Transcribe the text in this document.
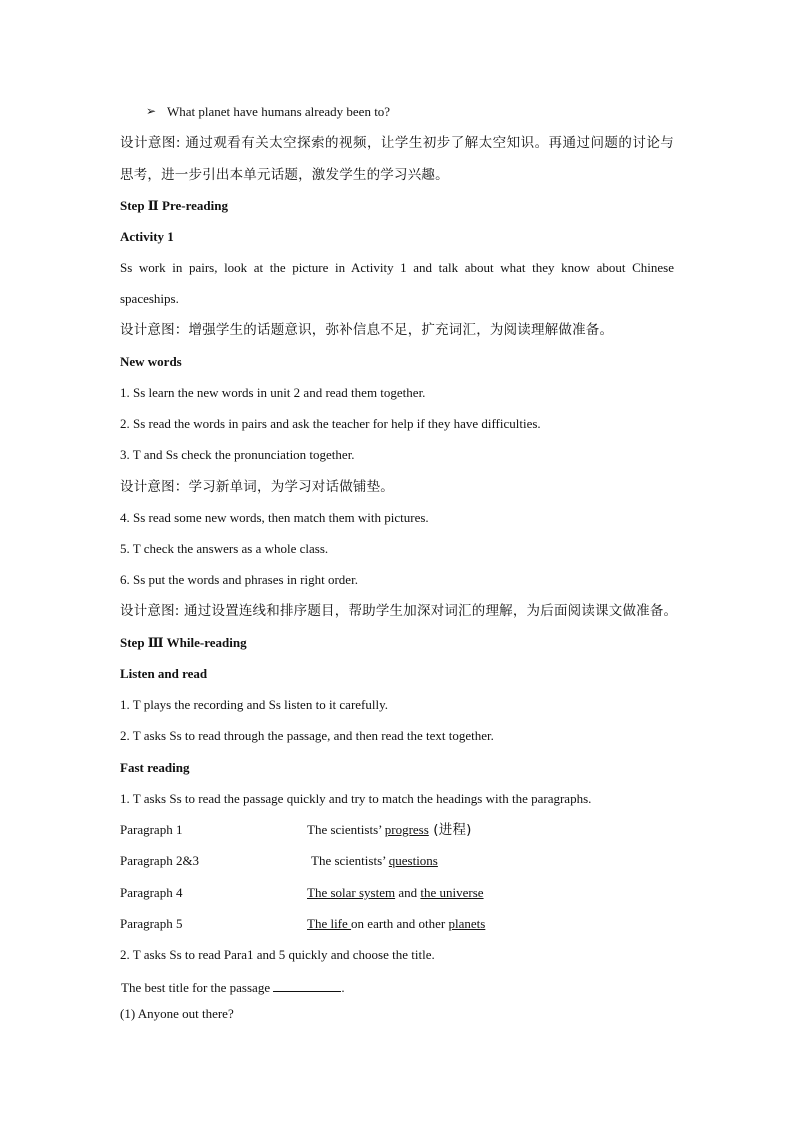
➢ What planet have humans already been to?
设计意图: 通过观看有关太空探索的视频，让学生初步了解太空知识。再通过问题的讨论与
思考，进一步引出本单元话题，激发学生的学习兴趣。
Step Ⅱ Pre-reading
Activity 1
Ss work in pairs, look at the picture in Activity 1 and talk about what they know about Chinese
spaceships.
设计意图：增强学生的话题意识，弥补信息不足，扩充词汇，为阅读理解做准备。
New words
1. Ss learn the new words in unit 2 and read them together.
2. Ss read the words in pairs and ask the teacher for help if they have difficulties.
3. T and Ss check the pronunciation together.
设计意图：学习新单词，为学习对话做铺垫。
4. Ss read some new words, then match them with pictures.
5. T check the answers as a whole class.
6. Ss put the words and phrases in right order.
设计意图: 通过设置连线和排序题目，帮助学生加深对词汇的理解，为后面阅读课文做准备。
Step Ⅲ While-reading
Listen and read
1. T plays the recording and Ss listen to it carefully.
2. T asks Ss to read through the passage, and then read the text together.
Fast reading
1. T asks Ss to read the passage quickly and try to match the headings with the paragraphs.
Paragraph 1	The scientists’ progress (进程)
Paragraph 2&3	The scientists’ questions
Paragraph 4	The solar system and the universe
Paragraph 5	The life on earth and other planets
2. T asks Ss to read Para1 and 5 quickly and choose the title.
The best title for the passage	.
(1) Anyone out there?
